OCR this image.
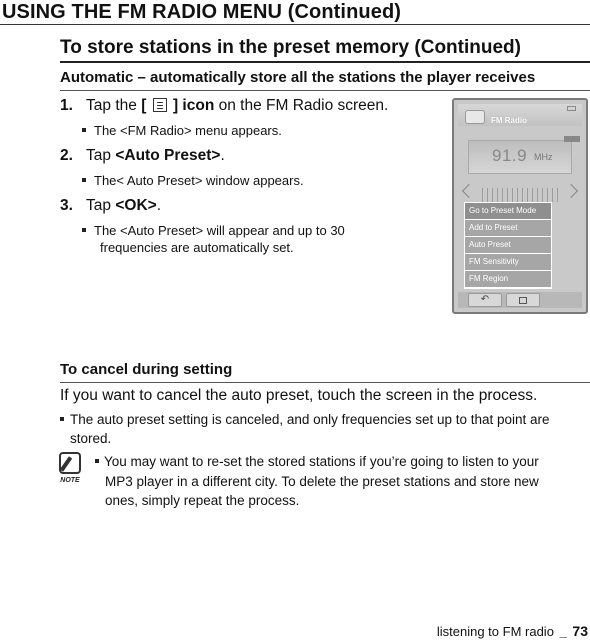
USING THE FM RADIO MENU (Continued)
To store stations in the preset memory (Continued)
Automatic – automatically store all the stations the player receives
1. Tap the [
] icon on the FM Radio screen.
The <FM Radio> menu appears.
2. Tap <Auto Preset>.
The< Auto Preset> window appears.
3. Tap <OK>.
The <Auto Preset> will appear and up to 30
frequencies are automatically set.
FM Radio
91.9 MHz
Go to Preset Mode
Add to Preset
Auto Preset
FM Sensitivity
FM Region
↶
To cancel during setting
If you want to cancel the auto preset, touch the screen in the process.
The auto preset setting is canceled, and only frequencies set up to that point are
stored.
NOTE
You may want to re-set the stored stations if you’re going to listen to your
MP3 player in a different city. To delete the preset stations and store new
ones, simply repeat the process.
listening to FM radio _ 73
